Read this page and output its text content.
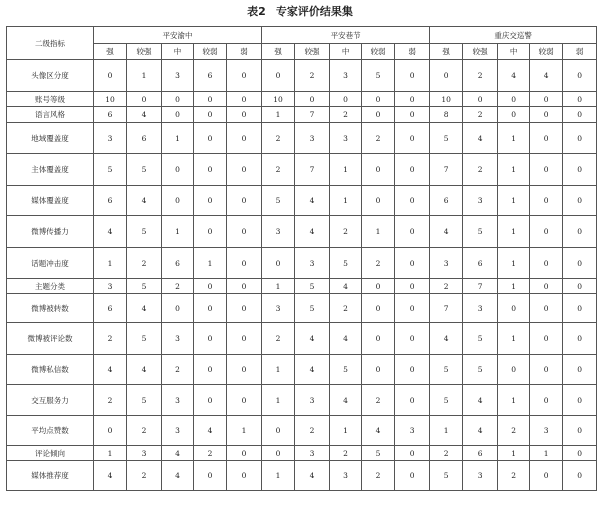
表2 专家评价结果集
二级指标	平安渝中					平安巷节					重庆交巡警				
	强	较强	中	较弱	弱	强	较强	中	较弱	弱	强	较强	中	较弱	弱
头像区分度	0	1	3	6	0	0	2	3	5	0	0	2	4	4	0
账号等级	10	0	0	0	0	10	0	0	0	0	10	0	0	0	0
语言风格	6	4	0	0	0	1	7	2	0	0	8	2	0	0	0
地域覆盖度	3	6	1	0	0	2	3	3	2	0	5	4	1	0	0
主体覆盖度	5	5	0	0	0	2	7	1	0	0	7	2	1	0	0
媒体覆盖度	6	4	0	0	0	5	4	1	0	0	6	3	1	0	0
微博传播力	4	5	1	0	0	3	4	2	1	0	4	5	1	0	0
话题冲击度	1	2	6	1	0	0	3	5	2	0	3	6	1	0	0
主题分类	3	5	2	0	0	1	5	4	0	0	2	7	1	0	0
微博被转数	6	4	0	0	0	3	5	2	0	0	7	3	0	0	0
微博被评论数	2	5	3	0	0	2	4	4	0	0	4	5	1	0	0
微博私信数	4	4	2	0	0	1	4	5	0	0	5	5	0	0	0
交互服务力	2	5	3	0	0	1	3	4	2	0	5	4	1	0	0
平均点赞数	0	2	3	4	1	0	2	1	4	3	1	4	2	3	0
评论倾向	1	3	4	2	0	0	3	2	5	0	2	6	1	1	0
媒体推荐度	4	2	4	0	0	1	4	3	2	0	5	3	2	0	0
